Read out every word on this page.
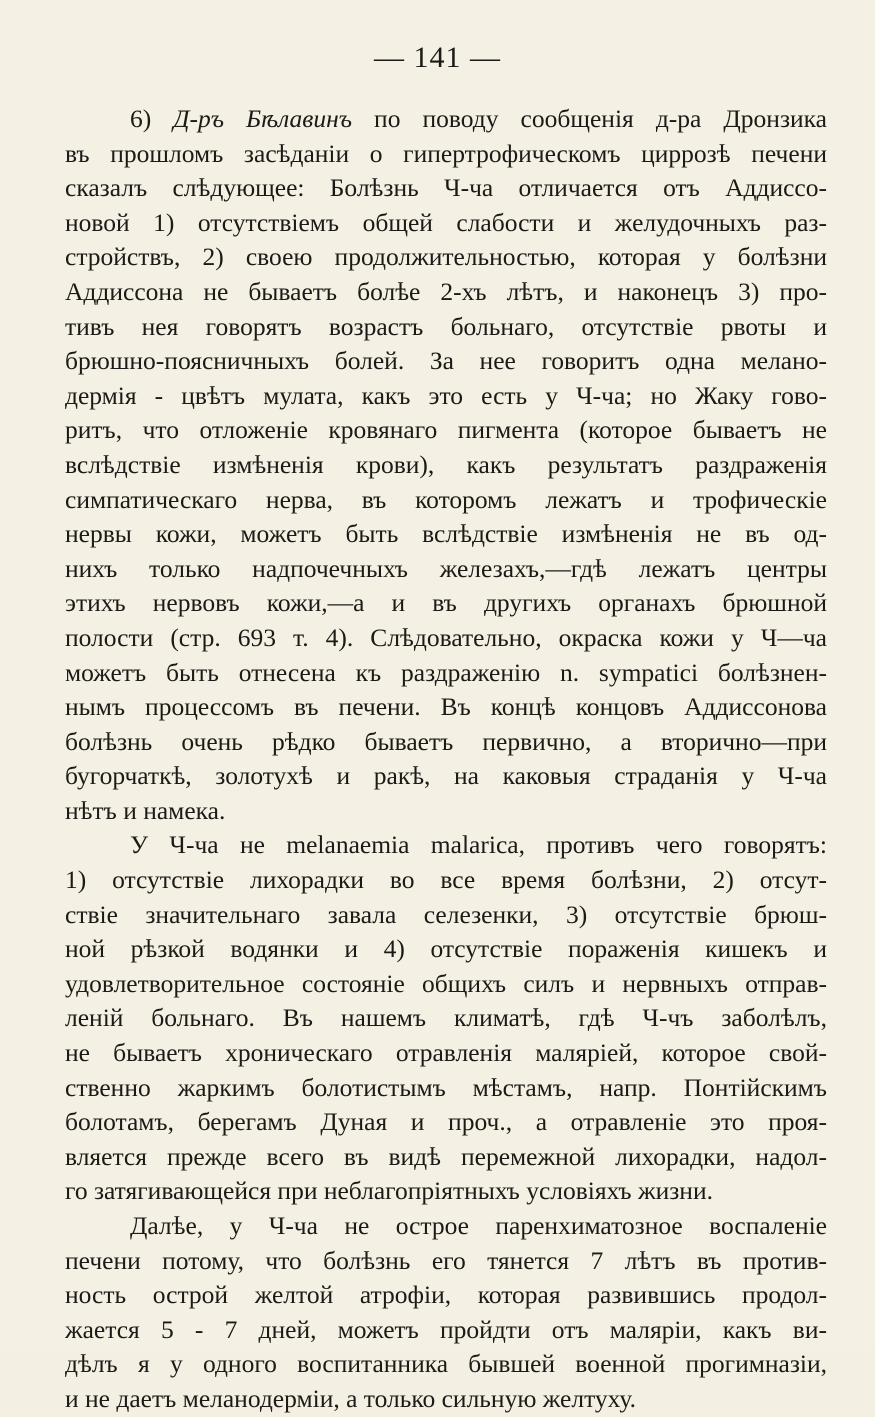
— 141 —
6) Д-ръ Бѣлавинъ по поводу сообщенія д-ра Дронзика
въ прошломъ засѣданіи о гипертрофическомъ циррозѣ печени
сказалъ слѣдующее: Болѣзнь Ч-ча отличается отъ Аддиссо-
новой 1) отсутствіемъ общей слабости и желудочныхъ раз-
стройствъ, 2) своею продолжительностью, которая у болѣзни
Аддиссона не бываетъ болѣе 2-хъ лѣтъ, и наконецъ 3) про-
тивъ нея говорятъ возрастъ больнаго, отсутствіе рвоты и
брюшно-поясничныхъ болей. За нее говоритъ одна мелано-
дермія - цвѣтъ мулата, какъ это есть у Ч-ча; но Жаку гово-
ритъ, что отложеніе кровянаго пигмента (которое бываетъ не
вслѣдствіе измѣненія крови), какъ результатъ раздраженія
симпатическаго нерва, въ которомъ лежатъ и трофическіе
нервы кожи, можетъ быть вслѣдствіе измѣненія не въ од-
нихъ только надпочечныхъ железахъ,—гдѣ лежатъ центры
этихъ нервовъ кожи,—а и въ другихъ органахъ брюшной
полости (стр. 693 т. 4). Слѣдовательно, окраска кожи у Ч—ча
можетъ быть отнесена къ раздраженію n. sympaticі болѣзнен-
нымъ процессомъ въ печени. Въ концѣ концовъ Аддиссонова
болѣзнь очень рѣдко бываетъ первично, а вторично—при
бугорчаткѣ, золотухѣ и ракѣ, на каковыя страданія у Ч-ча
нѣтъ и намека.
У Ч-ча не melanaemia malarica, противъ чего говорятъ:
1) отсутствіе лихорадки во все время болѣзни, 2) отсут-
ствіе значительнаго завала селезенки, 3) отсутствіе брюш-
ной рѣзкой водянки и 4) отсутствіе пораженія кишекъ и
удовлетворительное состояніе общихъ силъ и нервныхъ отправ-
леній больнаго. Въ нашемъ климатѣ, гдѣ Ч-чъ заболѣлъ,
не бываетъ хроническаго отравленія маляріей, которое свой-
ственно жаркимъ болотистымъ мѣстамъ, напр. Понтійскимъ
болотамъ, берегамъ Дуная и проч., а отравленіе это проя-
вляется прежде всего въ видѣ перемежной лихорадки, надол-
го затягивающейся при неблагопріятныхъ условіяхъ жизни.
Далѣе, у Ч-ча не острое паренхиматозное воспаленіе
печени потому, что болѣзнь его тянется 7 лѣтъ въ против-
ность острой желтой атрофіи, которая развившись продол-
жается 5 - 7 дней, можетъ пройдти отъ маляріи, какъ ви-
дѣлъ я у одного воспитанника бывшей военной прогимназіи,
и не даетъ меланодерміи, а только сильную желтуху.
